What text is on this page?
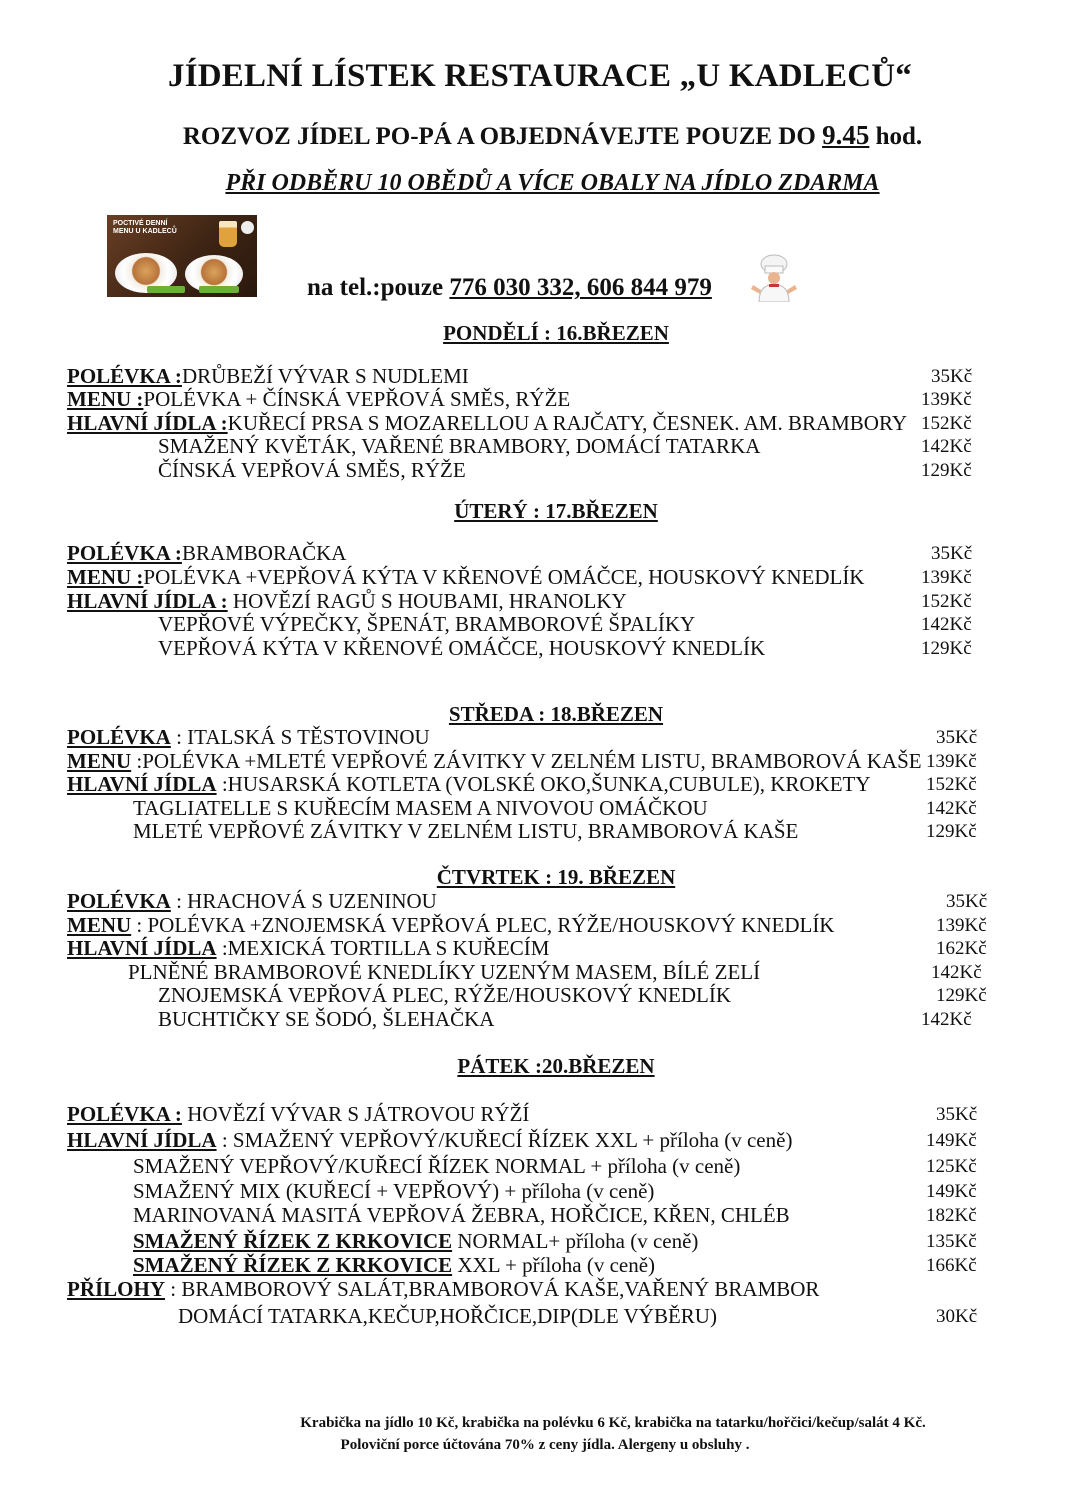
JÍDELNÍ LÍSTEK RESTAURACE „U KADLECŮ“
ROZVOZ JÍDEL PO-PÁ A OBJEDNÁVEJTE POUZE DO 9.45 hod.
PŘI ODBĚRU 10 OBĚDŮ A VÍCE OBALY NA JÍDLO ZDARMA
POCTIVÉ DENNÍ MENU U KADLECŮ
na tel.:pouze 776 030 332, 606 844 979
PONDĚLÍ : 16.BŘEZEN
POLÉVKA :DRŮBEŽÍ VÝVAR S NUDLEMI	35Kč
MENU :POLÉVKA + ČÍNSKÁ VEPŘOVÁ SMĚS, RÝŽE	139Kč
HLAVNÍ JÍDLA :KUŘECÍ PRSA S MOZARELLOU A RAJČATY, ČESNEK. AM. BRAMBORY 152Kč
SMAŽENÝ KVĚTÁK, VAŘENÉ BRAMBORY, DOMÁCÍ TATARKA	142Kč
ČÍNSKÁ VEPŘOVÁ SMĚS, RÝŽE	129Kč
ÚTERÝ : 17.BŘEZEN
POLÉVKA :BRAMBORAČKA	35Kč
MENU :POLÉVKA +VEPŘOVÁ KÝTA V KŘENOVÉ OMÁČCE, HOUSKOVÝ KNEDLÍK	139Kč
HLAVNÍ JÍDLA : HOVĚZÍ RAGŮ S HOUBAMI, HRANOLKY	152Kč
VEPŘOVÉ VÝPEČKY, ŠPENÁT, BRAMBOROVÉ ŠPALÍKY	142Kč
VEPŘOVÁ KÝTA V KŘENOVÉ OMÁČCE, HOUSKOVÝ KNEDLÍK	129Kč
STŘEDA : 18.BŘEZEN
POLÉVKA : ITALSKÁ S TĚSTOVINOU	35Kč
MENU :POLÉVKA +MLETÉ VEPŘOVÉ ZÁVITKY V ZELNÉM LISTU, BRAMBOROVÁ KAŠE 139Kč
HLAVNÍ JÍDLA :HUSARSKÁ KOTLETA (VOLSKÉ OKO,ŠUNKA,CUBULE), KROKETY	152Kč
TAGLIATELLE S KUŘECÍM MASEM A NIVOVOU OMÁČKOU	142Kč
MLETÉ VEPŘOVÉ ZÁVITKY V ZELNÉM LISTU, BRAMBOROVÁ KAŠE	129Kč
ČTVRTEK : 19. BŘEZEN
POLÉVKA : HRACHOVÁ S UZENINOU	35Kč
MENU : POLÉVKA +ZNOJEMSKÁ VEPŘOVÁ PLEC, RÝŽE/HOUSKOVÝ KNEDLÍK	139Kč
HLAVNÍ JÍDLA :MEXICKÁ TORTILLA S KUŘECÍM	162Kč
PLNĚNÉ BRAMBOROVÉ KNEDLÍKY UZENÝM MASEM, BÍLÉ ZELÍ	142Kč
ZNOJEMSKÁ VEPŘOVÁ PLEC, RÝŽE/HOUSKOVÝ KNEDLÍK	129Kč
BUCHTIČKY SE ŠODÓ, ŠLEHAČKA	142Kč
PÁTEK :20.BŘEZEN
POLÉVKA : HOVĚZÍ VÝVAR S JÁTROVOU RÝŽÍ	35Kč
HLAVNÍ JÍDLA : SMAŽENÝ VEPŘOVÝ/KUŘECÍ ŘÍZEK XXL + příloha (v ceně)	149Kč
SMAŽENÝ VEPŘOVÝ/KUŘECÍ ŘÍZEK NORMAL + příloha (v ceně)	125Kč
SMAŽENÝ MIX (KUŘECÍ + VEPŘOVÝ) + příloha (v ceně)	149Kč
MARINOVANÁ MASITÁ VEPŘOVÁ ŽEBRA, HOŘČICE, KŘEN, CHLÉB	182Kč
SMAŽENÝ ŘÍZEK Z KRKOVICE NORMAL+ příloha (v ceně)	135Kč
SMAŽENÝ ŘÍZEK Z KRKOVICE XXL + příloha (v ceně)	166Kč
PŘÍLOHY : BRAMBOROVÝ SALÁT,BRAMBOROVÁ KAŠE,VAŘENÝ BRAMBOR
DOMÁCÍ TATARKA,KEČUP,HOŘČICE,DIP(DLE VÝBĚRU)	30Kč
Krabička na jídlo 10 Kč, krabička na polévku 6 Kč, krabička na tatarku/hořčici/kečup/salát 4 Kč.
Poloviční porce účtována 70% z ceny jídla. Alergeny u obsluhy .
